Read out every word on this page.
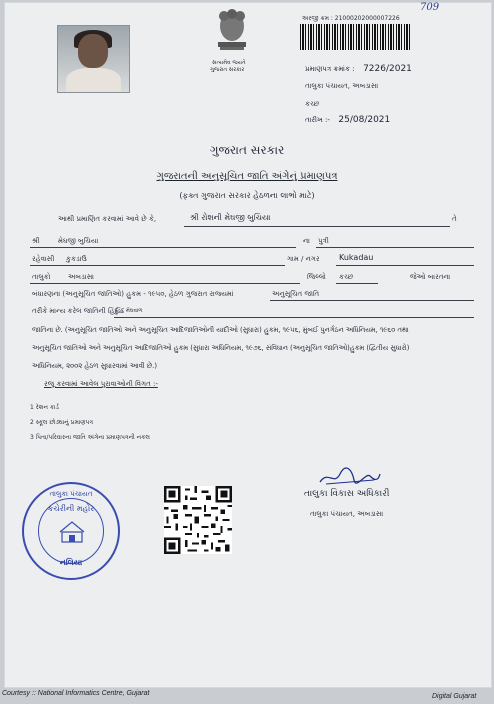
709
સત્યમેવ જયતે
ગુજરાત સરકાર
અરજી ક્રમ : 21000202000007226
પ્રમાણપત્ર ક્રમાંક : 7226/2021
તાલુકા પંચાયત, અબડાસા
કચ્છ
તારીખ :- 25/08/2021
ગુજરાત સરકાર
ગુજરાતની અનુસૂચિત જાતિ અંગેનું પ્રમાણપત્ર
(ફક્ત ગુજરાત સરકાર હેઠળના લાભો માટે)
આથી પ્રમાણિત કરવામાં આવે છે કે,	શ્રી રોશની મેઘજી બુચિયા	તે
શ્રી	મેઘજી બુચિયા	ના પુત્રી
રહેવાસી કુકડાઉ	ગામ / નગર Kukadau
તાલુકો	અબડાસા	જિલ્લો કચ્છ	જેઓ બારતના
બંધારણના (અનુસૂચિત જાતિઓ) હુકમ - ૧૯૫૦, હેઠળ ગુજરાત રાજ્યમાં	અનુસૂચિત જાતિ
તરીકે માન્ય કરેલ જાતિની હિંદુ
હિંદુ મેઘવાળ
જાતિના છે. (અનુસૂચિત જાતિઓ અને અનુસૂચિત આદિજાતિઓની યાદીઓ (સુધારા) હુકમ, ૧૯૫૬, મુંબઈ પુનર્ગઠન અધિનિયમ, ૧૯૬૦ તથા
અનુસૂચિત જાતિઓ અને અનુસૂચિત આદિજાતિઓ હુકમ (સુધારા અધિનિયમ, ૧૯૭૬, સંવિધાન (અનુસૂચિત જાતિઓ)હુકમ (દ્વિતીય સુધારો)
અધિનિયમ, ૨૦૦૨ હેઠળ સુધારવામાં આવી છે.)
રજૂ કરવામાં આવેલ પુરાવાઓની વિગત :-
1 રેશન કાર્ડ
2 સ્કૂલ છોડ્યાનું પ્રમાણપત્ર
3 પિતા/પરિવારના જાતિ અંગેના પ્રમાણપત્રની નકલ
તાલુકા વિકાસ અધિકારી
તાલુકા પંચાયત, અબડાસા
તાલુકા પંચાયત
કચેરીની મહોર
નલિયા
Courtesy :: National Informatics Centre, Gujarat	Digital Gujarat
